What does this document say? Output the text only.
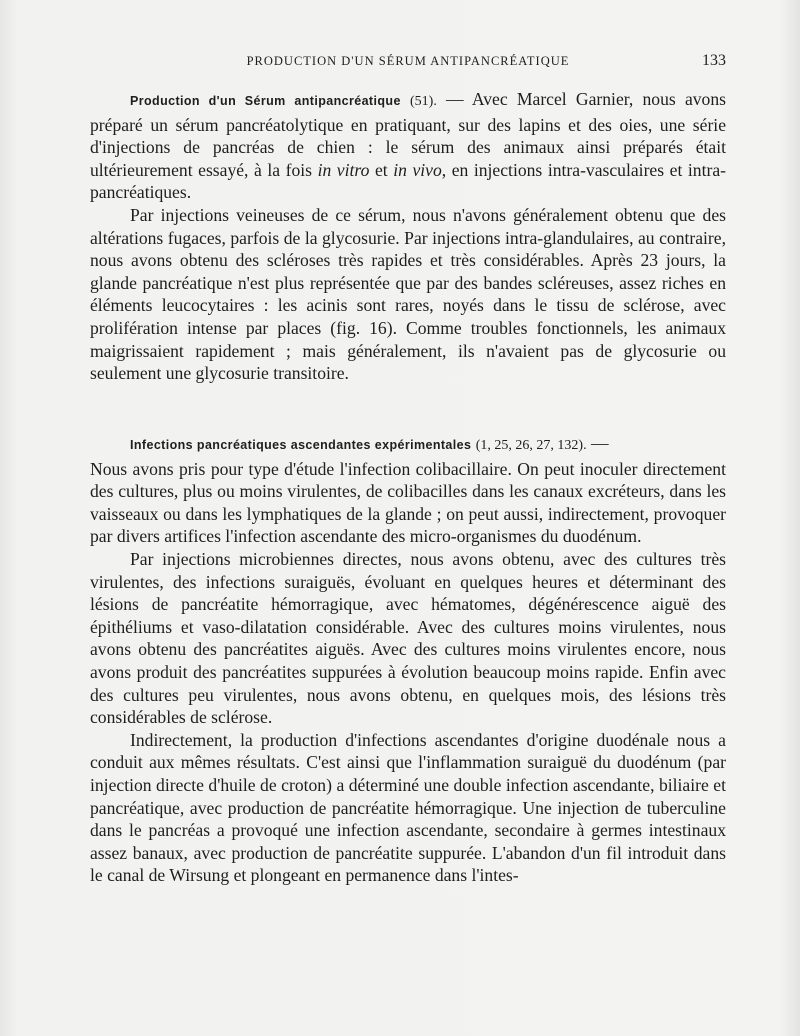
PRODUCTION D'UN SÉRUM ANTIPANCRÉATIQUE	133

Production d'un Sérum antipancréatique (51). — Avec Marcel Garnier, nous avons préparé un sérum pancréatolytique en pratiquant, sur des lapins et des oies, une série d'injections de pancréas de chien : le sérum des animaux ainsi préparés était ultérieurement essayé, à la fois in vitro et in vivo, en injections intra-vasculaires et intra-pancréatiques.

Par injections veineuses de ce sérum, nous n'avons généralement obtenu que des altérations fugaces, parfois de la glycosurie. Par injections intra-glandulaires, au contraire, nous avons obtenu des scléroses très rapides et très considérables. Après 23 jours, la glande pancréatique n'est plus représentée que par des bandes scléreuses, assez riches en éléments leucocytaires : les acinis sont rares, noyés dans le tissu de sclérose, avec prolifération intense par places (fig. 16). Comme troubles fonctionnels, les animaux maigrissaient rapidement ; mais généralement, ils n'avaient pas de glycosurie ou seulement une glycosurie transitoire.

Infections pancréatiques ascendantes expérimentales (1, 25, 26, 27, 132). —

Nous avons pris pour type d'étude l'infection colibacillaire. On peut inoculer directement des cultures, plus ou moins virulentes, de colibacilles dans les canaux excréteurs, dans les vaisseaux ou dans les lymphatiques de la glande ; on peut aussi, indirectement, provoquer par divers artifices l'infection ascendante des micro-organismes du duodénum.

Par injections microbiennes directes, nous avons obtenu, avec des cultures très virulentes, des infections suraiguës, évoluant en quelques heures et déterminant des lésions de pancréatite hémorragique, avec hématomes, dégénérescence aiguë des épithéliums et vaso-dilatation considérable. Avec des cultures moins virulentes, nous avons obtenu des pancréatites aiguës. Avec des cultures moins virulentes encore, nous avons produit des pancréatites suppurées à évolution beaucoup moins rapide. Enfin avec des cultures peu virulentes, nous avons obtenu, en quelques mois, des lésions très considérables de sclérose.

Indirectement, la production d'infections ascendantes d'origine duodénale nous a conduit aux mêmes résultats. C'est ainsi que l'inflammation suraiguë du duodénum (par injection directe d'huile de croton) a déterminé une double infection ascendante, biliaire et pancréatique, avec production de pancréatite hémorragique. Une injection de tuberculine dans le pancréas a provoqué une infection ascendante, secondaire à germes intestinaux assez banaux, avec production de pancréatite suppurée. L'abandon d'un fil introduit dans le canal de Wirsung et plongeant en permanence dans l'intes-
